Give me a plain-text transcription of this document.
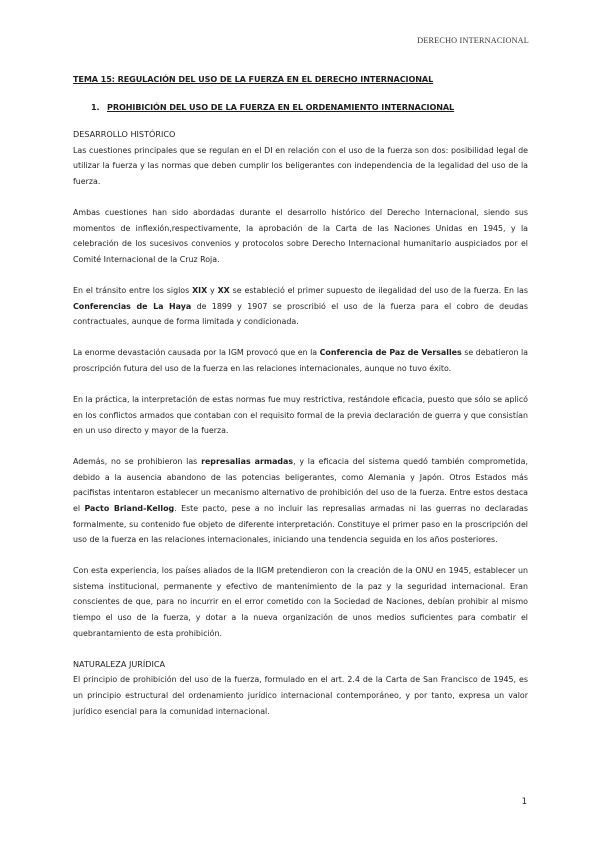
DERECHO INTERNACIONAL
TEMA 15: REGULACIÓN DEL USO DE LA FUERZA EN EL DERECHO INTERNACIONAL
1. PROHIBICIÓN DEL USO DE LA FUERZA EN EL ORDENAMIENTO INTERNACIONAL
DESARROLLO HISTÓRICO

Las cuestiones principales que se regulan en el DI en relación con el uso de la fuerza son dos: posibilidad legal de utilizar la fuerza y las normas que deben cumplir los beligerantes con independencia de la legalidad del uso de la fuerza.

Ambas cuestiones han sido abordadas durante el desarrollo histórico del Derecho Internacional, siendo sus momentos de inflexión,respectivamente, la aprobación de la Carta de las Naciones Unidas en 1945, y la celebración de los sucesivos convenios y protocolos sobre Derecho Internacional humanitario auspiciados por el Comité Internacional de la Cruz Roja.

En el tránsito entre los siglos XIX y XX se estableció el primer supuesto de ilegalidad del uso de la fuerza. En las Conferencias de La Haya de 1899 y 1907 se proscribió el uso de la fuerza para el cobro de deudas contractuales, aunque de forma limitada y condicionada.

La enorme devastación causada por la IGM provocó que en la Conferencia de Paz de Versalles se debatieron la proscripción futura del uso de la fuerza en las relaciones internacionales, aunque no tuvo éxito.

En la práctica, la interpretación de estas normas fue muy restrictiva, restándole eficacia, puesto que sólo se aplicó en los conflictos armados que contaban con el requisito formal de la previa declaración de guerra y que consistían en un uso directo y mayor de la fuerza.

Además, no se prohibieron las represalias armadas, y la eficacia del sistema quedó también comprometida, debido a la ausencia abandono de las potencias beligerantes, como Alemania y Japón. Otros Estados más pacifistas intentaron establecer un mecanismo alternativo de prohibición del uso de la fuerza. Entre estos destaca el Pacto Briand-Kellog. Este pacto, pese a no incluir las represalias armadas ni las guerras no declaradas formalmente, su contenido fue objeto de diferente interpretación. Constituye el primer paso en la proscripción del uso de la fuerza en las relaciones internacionales, iniciando una tendencia seguida en los años posteriores.

Con esta experiencia, los países aliados de la IIGM pretendieron con la creación de la ONU en 1945, establecer un sistema institucional, permanente y efectivo de mantenimiento de la paz y la seguridad internacional. Eran conscientes de que, para no incurrir en el error cometido con la Sociedad de Naciones, debían prohibir al mismo tiempo el uso de la fuerza, y dotar a la nueva organización de unos medios suficientes para combatir el quebrantamiento de esta prohibición.

NATURALEZA JURÍDICA

El principio de prohibición del uso de la fuerza, formulado en el art. 2.4 de la Carta de San Francisco de 1945, es un principio estructural del ordenamiento jurídico internacional contemporáneo, y por tanto, expresa un valor jurídico esencial para la comunidad internacional.

1
